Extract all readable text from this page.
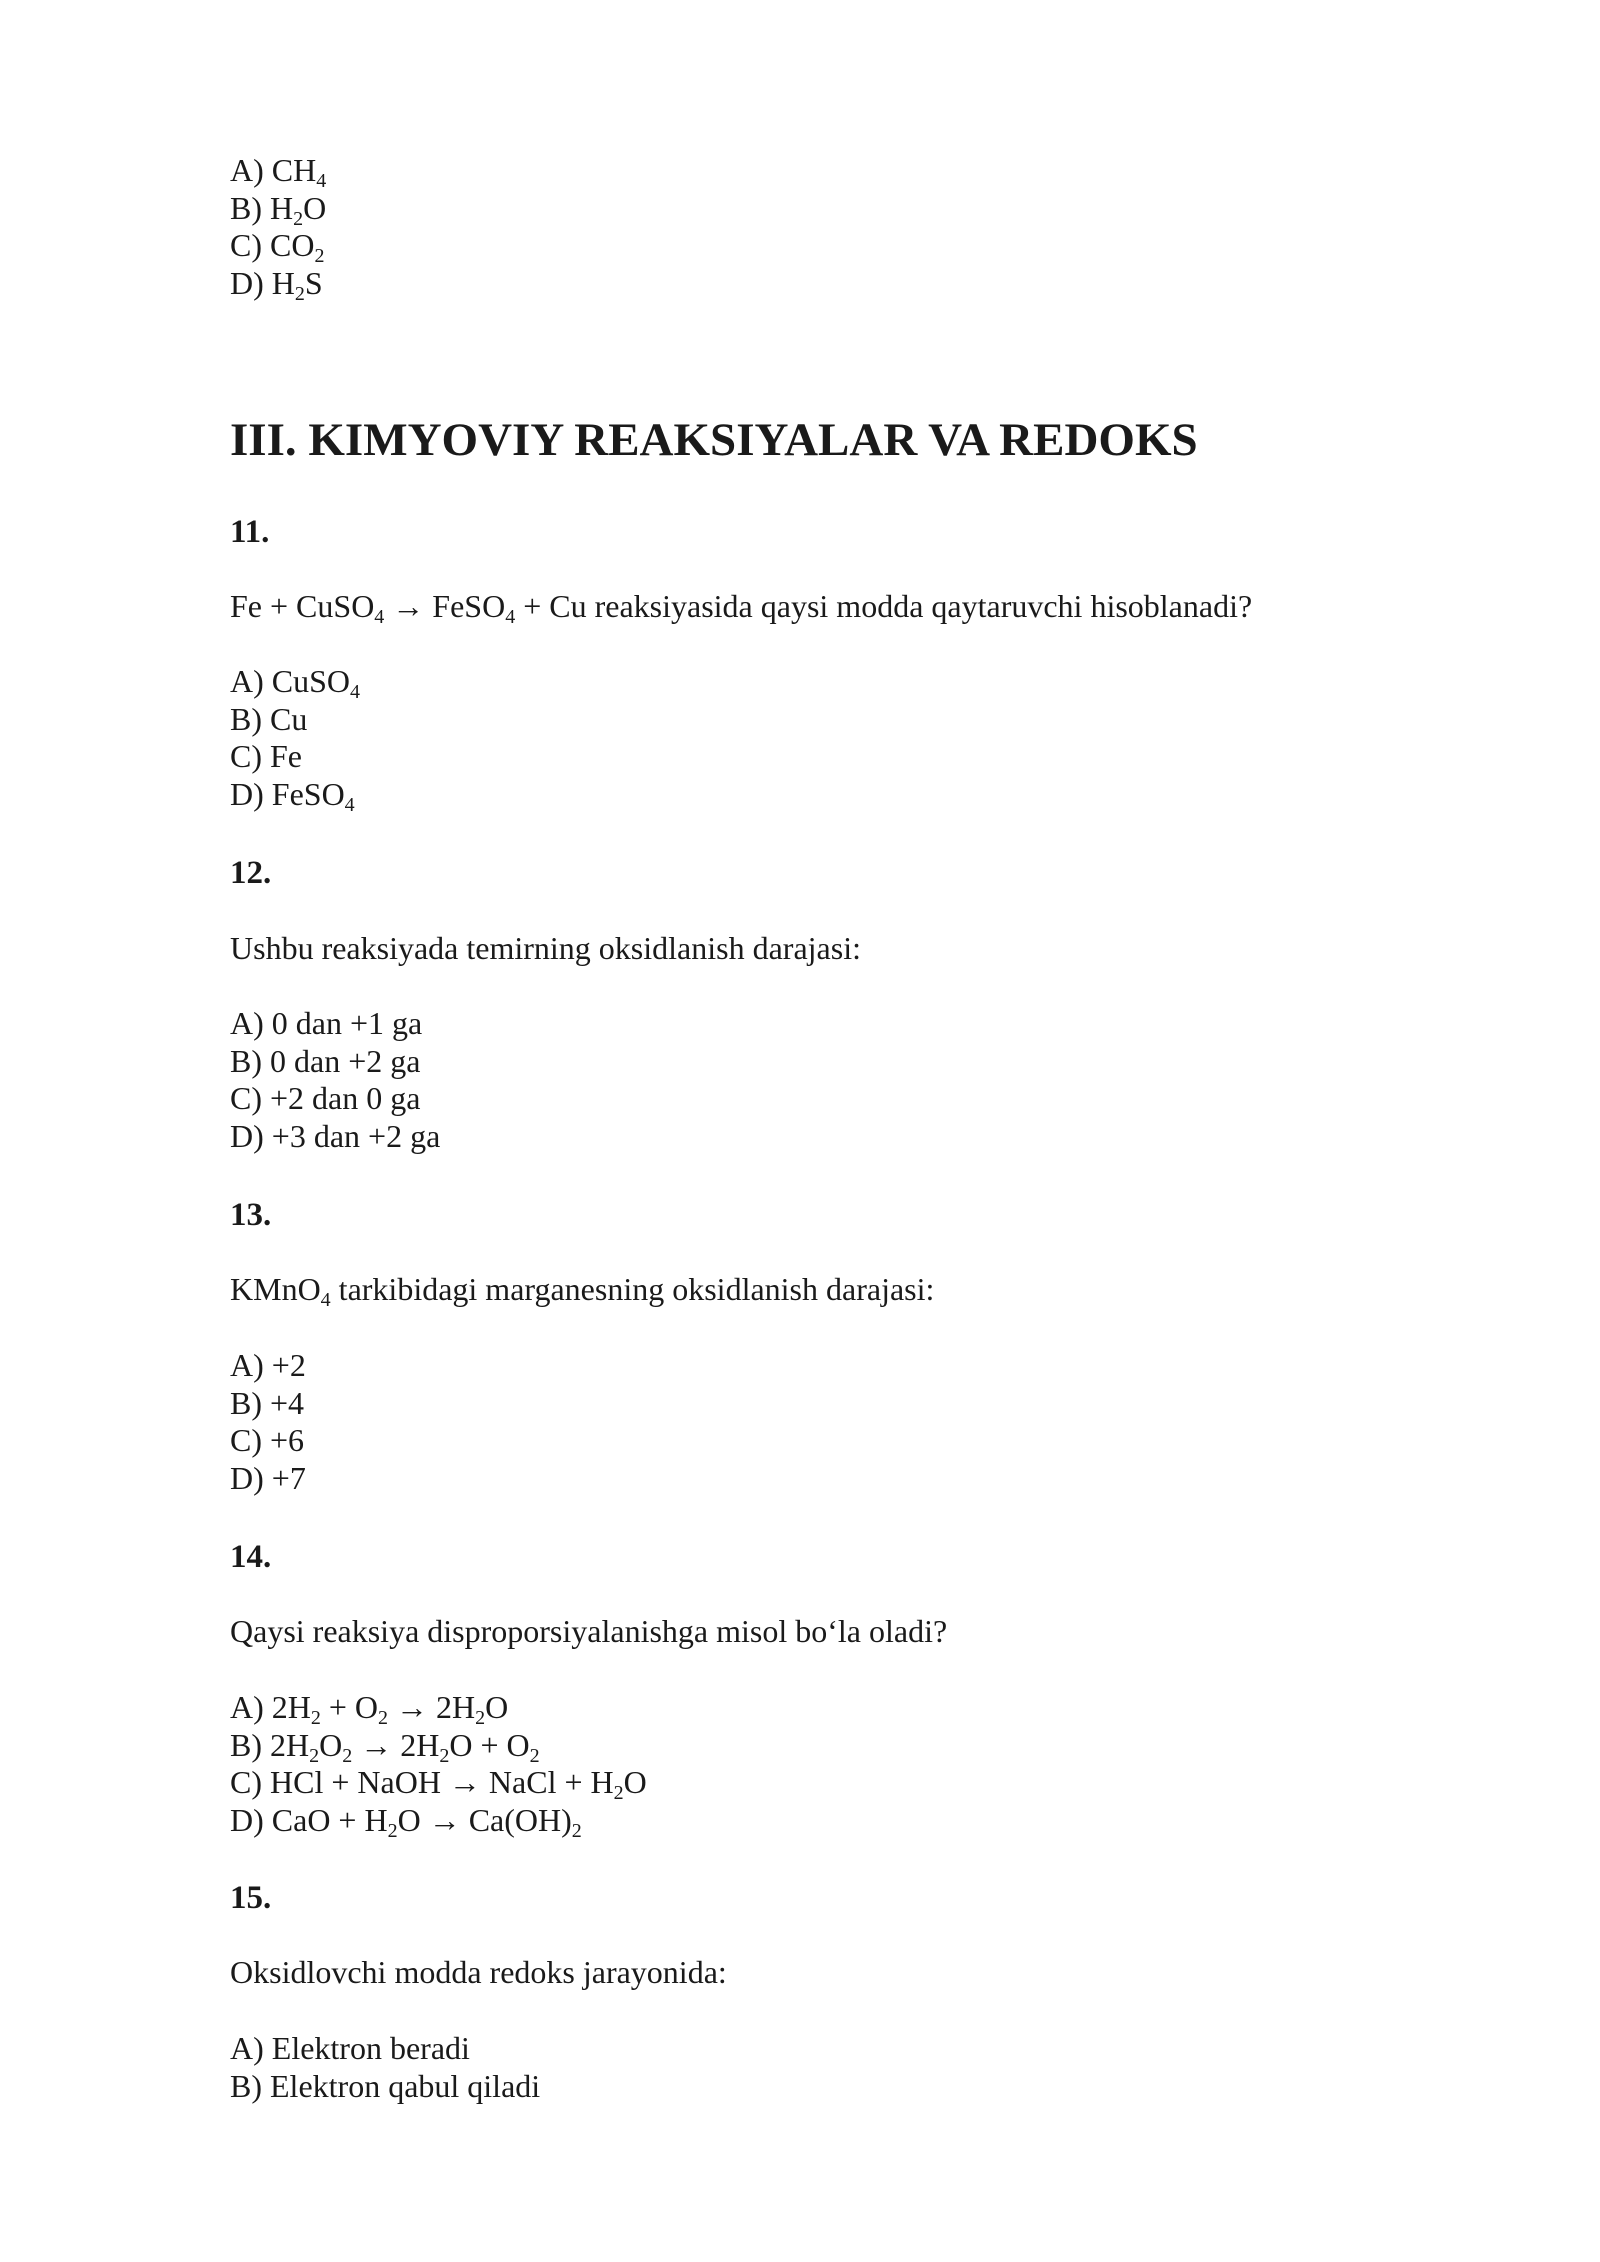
A) $CH_4$
B) $H_2O$
C) $CO_2$
D) $H_2S$
III. KIMYOVIY REAKSIYALAR VA REDOKS
11.
Fe + CuSO$_4$ → FeSO$_4$ + Cu reaksiyasida qaysi modda qaytaruvchi hisoblanadi?
A) CuSO$_4$
B) Cu
C) Fe
D) FeSO$_4$
12.
Ushbu reaksiyada temirning oksidlanish darajasi:
A) 0 dan +1 ga
B) 0 dan +2 ga
C) +2 dan 0 ga
D) +3 dan +2 ga
13.
KMnO$_4$ tarkibidagi marganesning oksidlanish darajasi:
A) +2
B) +4
C) +6
D) +7
14.
Qaysi reaksiya disproporsiyalanishga misol bo‘la oladi?
A) $2H_2 + O_2 \to 2H_2O$
B) $2H_2O_2 \to 2H_2O + O_2$
C) HCl + NaOH → NaCl + $H_2O$
D) CaO + $H_2O \to Ca(OH)_2$
15.
Oksidlovchi modda redoks jarayonida:
A) Elektron beradi
B) Elektron qabul qiladi
